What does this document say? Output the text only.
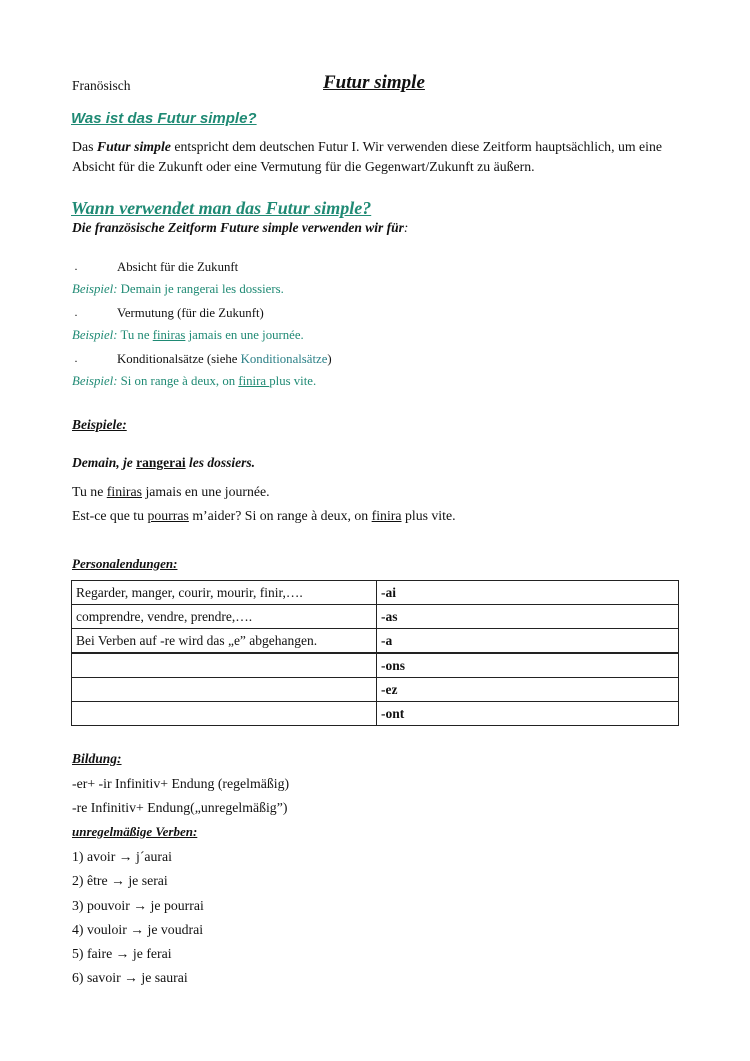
Franösisch	Futur simple
Was ist das Futur simple?
Das Futur simple entspricht dem deutschen Futur I. Wir verwenden diese Zeitform hauptsächlich, um eine Absicht für die Zukunft oder eine Vermutung für die Gegenwart/Zukunft zu äußern.
Wann verwendet man das Futur simple?
Die französische Zeitform Future simple verwenden wir für:
·	Absicht für die Zukunft
Beispiel: Demain je rangerai les dossiers.
·	Vermutung (für die Zukunft)
Beispiel: Tu ne finiras jamais en une journée.
·	Konditionalsätze (siehe Konditionalsätze)
Beispiel: Si on range à deux, on finira plus vite.
Beispiele:
Demain, je rangerai les dossiers.
Tu ne finiras jamais en une journée.
Est-ce que tu pourras m’aider? Si on range à deux, on finira plus vite.
Personalendungen:
Regarder, manger, courir, mourir, finir,….	-ai
comprendre, vendre, prendre,….	-as
Bei Verben auf -re wird das „e” abgehangen.	-a
	-ons
	-ez
	-ont
Bildung:
-er+ -ir Infinitiv+ Endung (regelmäßig)
-re Infinitiv+ Endung(„unregelmäßig”)
unregelmäßige Verben:
1) avoir → j´aurai
2) être → je serai
3) pouvoir → je pourrai
4) vouloir → je voudrai
5) faire → je ferai
6) savoir → je saurai
